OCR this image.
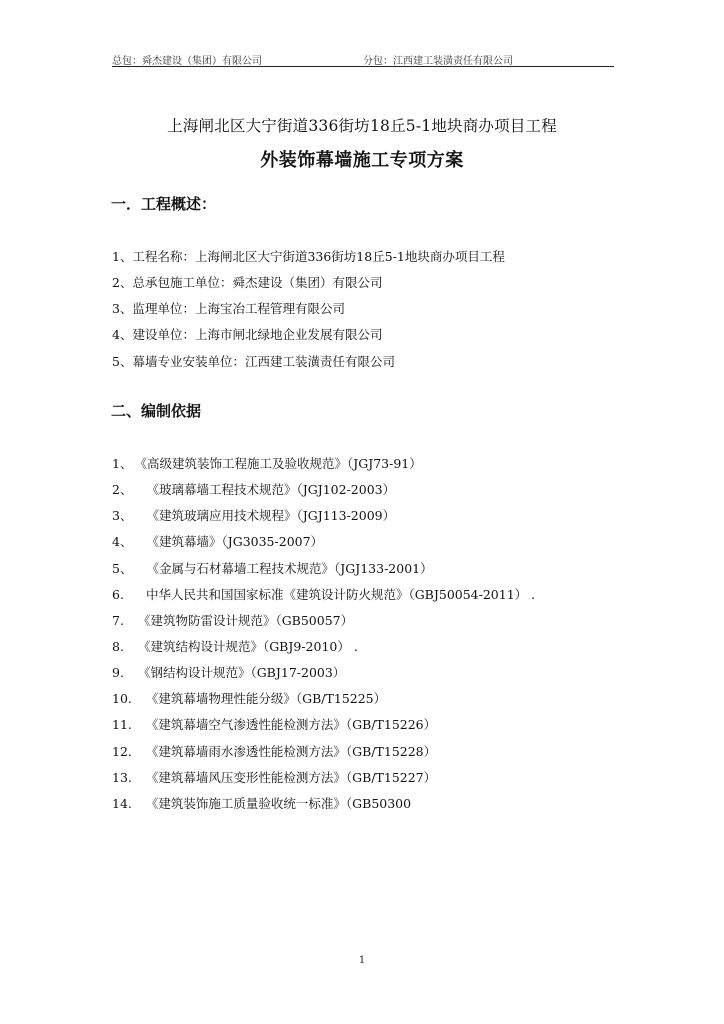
总包：舜杰建设（集团）有限公司	分包：江西建工装潢责任有限公司
上海闸北区大宁街道336街坊18丘5-1地块商办项目工程
外装饰幕墙施工专项方案
一．工程概述：
1、工程名称：上海闸北区大宁街道336街坊18丘5-1地块商办项目工程
2、总承包施工单位：舜杰建设（集团）有限公司
3、监理单位：上海宝冶工程管理有限公司
4、建设单位：上海市闸北绿地企业发展有限公司
5、幕墙专业安装单位：江西建工装潢责任有限公司
二、编制依据
1、 《高级建筑装饰工程施工及验收规范》（JGJ73-91）
2、 《玻璃幕墙工程技术规范》（JGJ102-2003）
3、 《建筑玻璃应用技术规程》（JGJ113-2009）
4、 《建筑幕墙》（JG3035-2007）
5、 《金属与石材幕墙工程技术规范》（JGJ133-2001）
6. 中华人民共和国国家标准《建筑设计防火规范》（GBJ50054-2011） .
7. 《建筑物防雷设计规范》（GB50057）
8. 《建筑结构设计规范》（GBJ9-2010） .
9. 《钢结构设计规范》（GBJ17-2003）
10. 《建筑幕墙物理性能分级》（GB/T15225）
11. 《建筑幕墙空气渗透性能检测方法》（GB/T15226）
12. 《建筑幕墙雨水渗透性能检测方法》（GB/T15228）
13. 《建筑幕墙风压变形性能检测方法》（GB/T15227）
14. 《建筑装饰施工质量验收统一标准》（GB50300
1
